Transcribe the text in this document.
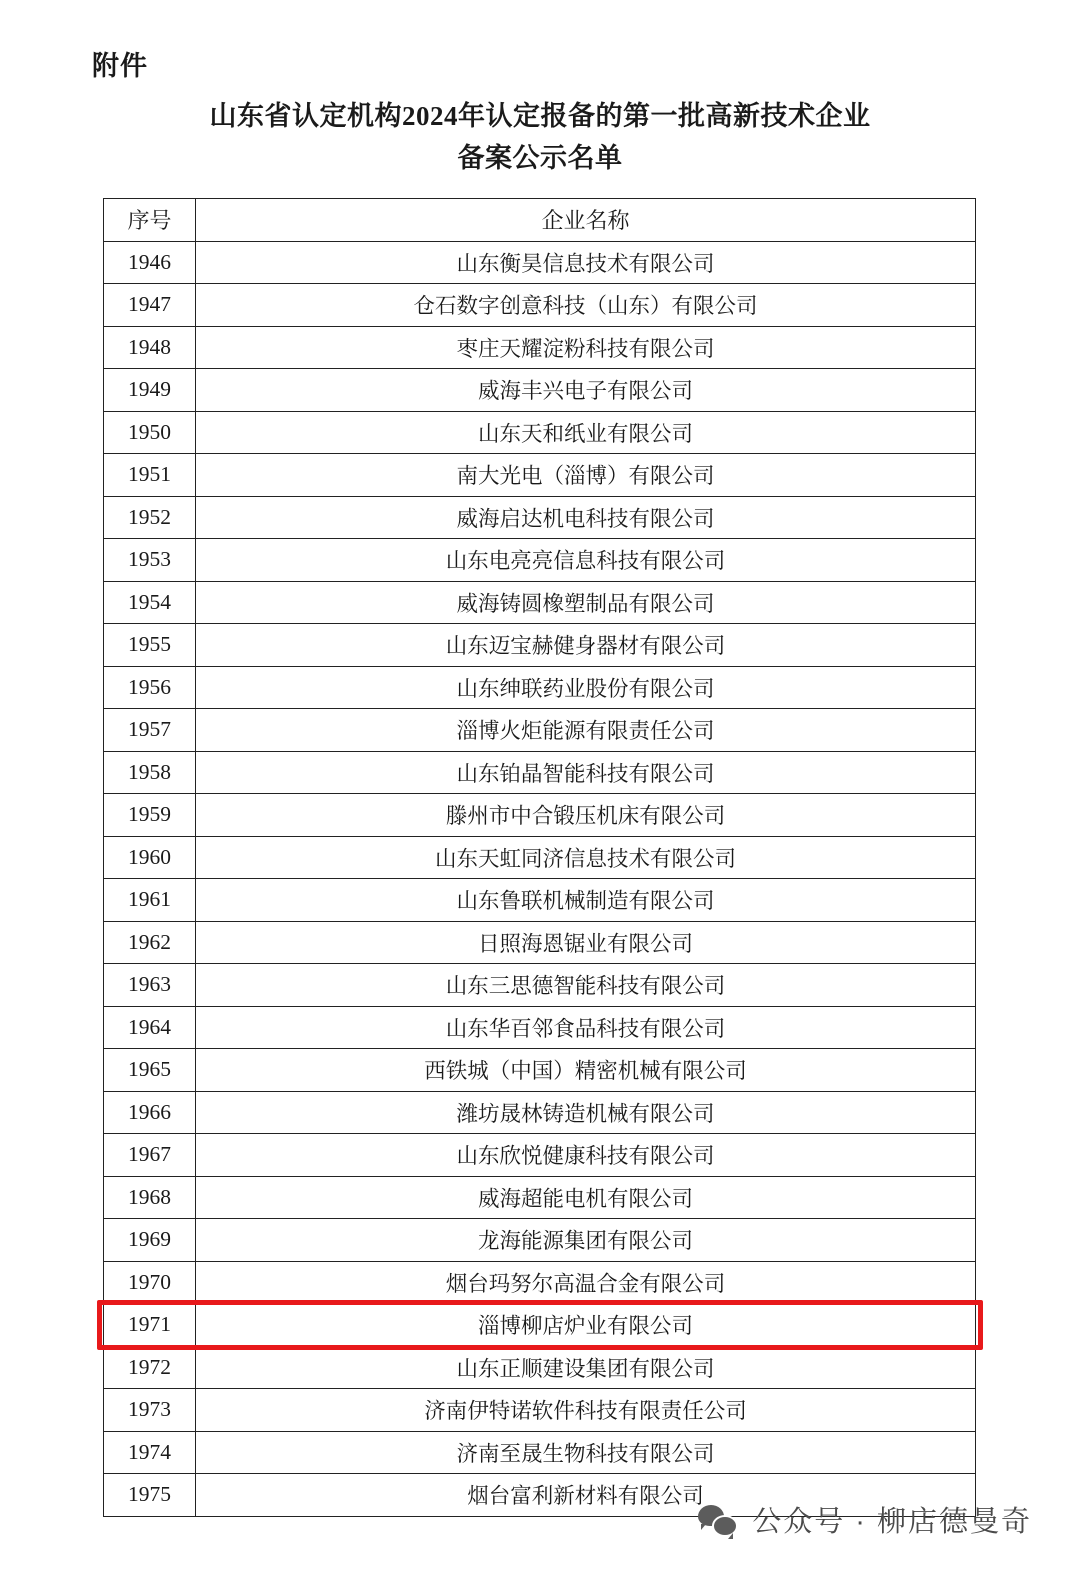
附件
山东省认定机构2024年认定报备的第一批高新技术企业
备案公示名单
序号	企业名称
1946	山东衡昊信息技术有限公司
1947	仓石数字创意科技（山东）有限公司
1948	枣庄天耀淀粉科技有限公司
1949	威海丰兴电子有限公司
1950	山东天和纸业有限公司
1951	南大光电（淄博）有限公司
1952	威海启达机电科技有限公司
1953	山东电亮亮信息科技有限公司
1954	威海铸圆橡塑制品有限公司
1955	山东迈宝赫健身器材有限公司
1956	山东绅联药业股份有限公司
1957	淄博火炬能源有限责任公司
1958	山东铂晶智能科技有限公司
1959	滕州市中合锻压机床有限公司
1960	山东天虹同济信息技术有限公司
1961	山东鲁联机械制造有限公司
1962	日照海恩锯业有限公司
1963	山东三思德智能科技有限公司
1964	山东华百邻食品科技有限公司
1965	西铁城（中国）精密机械有限公司
1966	潍坊晟林铸造机械有限公司
1967	山东欣悦健康科技有限公司
1968	威海超能电机有限公司
1969	龙海能源集团有限公司
1970	烟台玛努尔高温合金有限公司
1971	淄博柳店炉业有限公司
1972	山东正顺建设集团有限公司
1973	济南伊特诺软件科技有限责任公司
1974	济南至晟生物科技有限公司
1975	烟台富利新材料有限公司
公众号 · 柳店德曼奇
